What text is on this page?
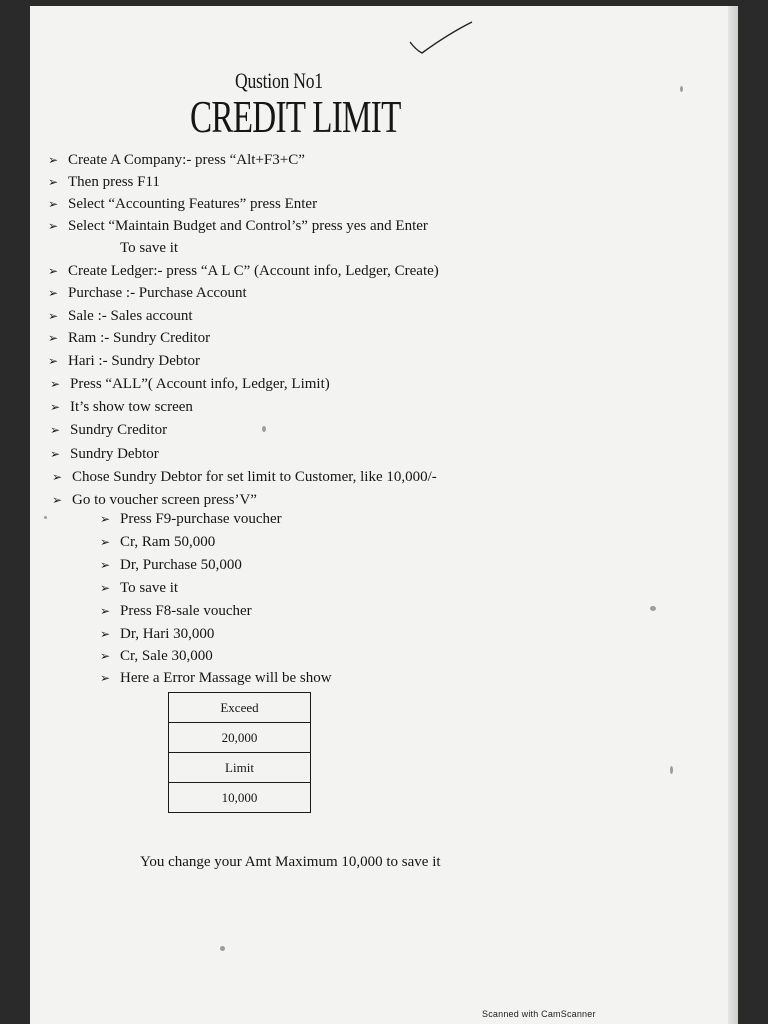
Qustion No1
CREDIT LIMIT
➢ Create A Company:- press “Alt+F3+C”
➢ Then press F11
➢ Select “Accounting Features” press Enter
➢ Select “Maintain Budget and Control’s” press yes and Enter
To save it
➢ Create Ledger:- press “A L C” (Account info, Ledger, Create)
➢ Purchase :- Purchase Account
➢ Sale :- Sales account
➢ Ram :- Sundry Creditor
➢ Hari :- Sundry Debtor
➢ Press “ALL”( Account info, Ledger, Limit)
➢ It’s show tow screen
➢ Sundry Creditor
➢ Sundry Debtor
➢ Chose Sundry Debtor for set limit to Customer, like 10,000/-
➢ Go to voucher screen press’V”
➢ Press F9-purchase voucher
➢ Cr, Ram 50,000
➢ Dr, Purchase 50,000
➢ To save it
➢ Press F8-sale voucher
➢ Dr, Hari 30,000
➢ Cr, Sale 30,000
➢ Here a Error Massage will be show
Exceed
20,000
Limit
10,000
You change your Amt Maximum 10,000 to save it
Scanned with CamScanner
